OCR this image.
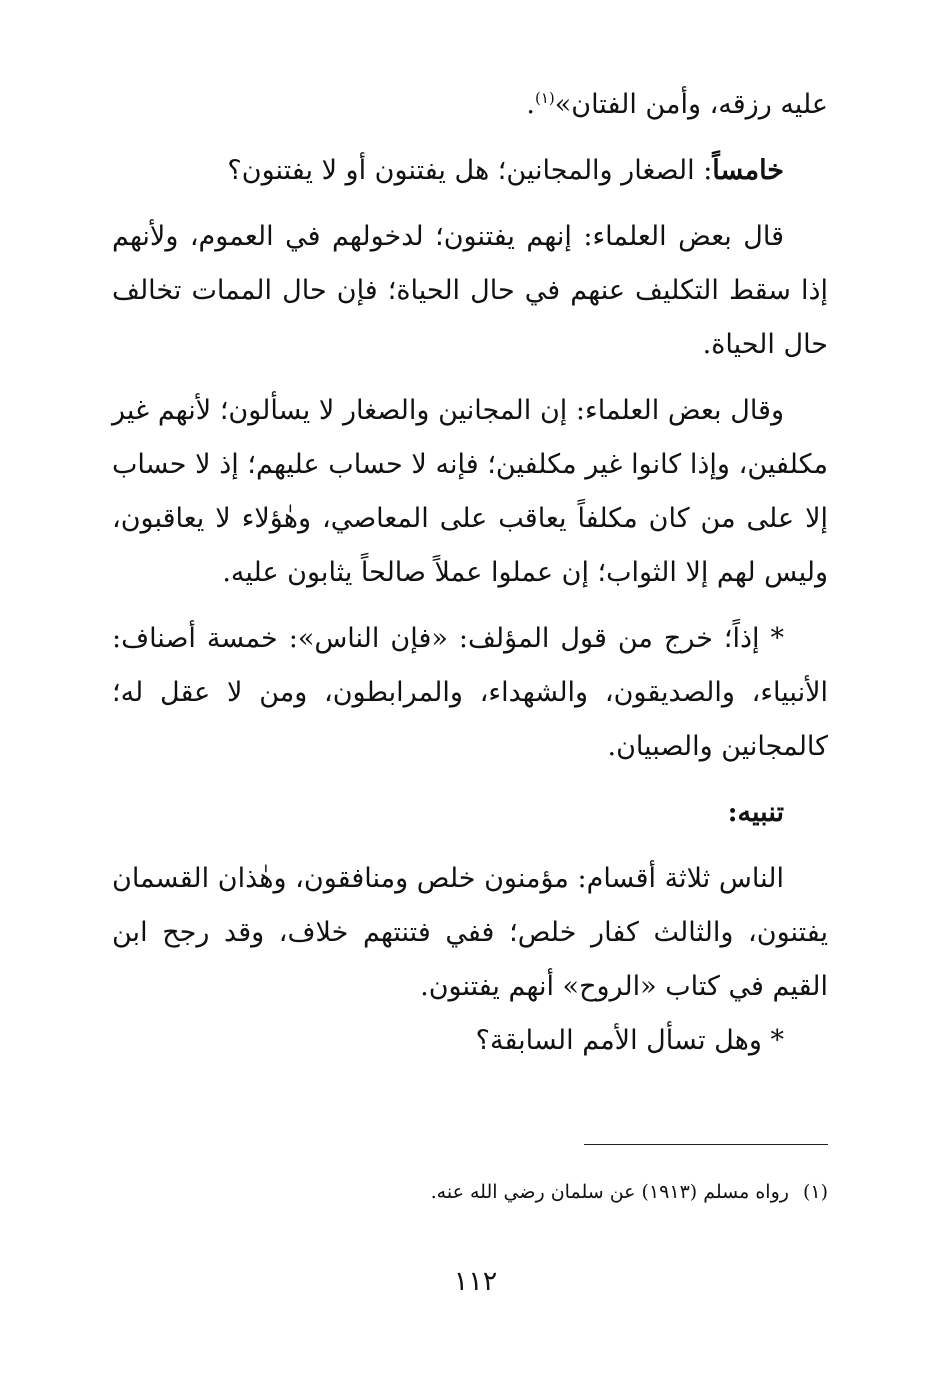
عليه رزقه، وأمن الفتان»$^{(١)}$.

خامساً: الصغار والمجانين؛ هل يفتنون أو لا يفتنون؟

قال بعض العلماء: إنهم يفتنون؛ لدخولهم في العموم، ولأنهم إذا سقط التكليف عنهم في حال الحياة؛ فإن حال الممات تخالف حال الحياة.

وقال بعض العلماء: إن المجانين والصغار لا يسألون؛ لأنهم غير مكلفين، وإذا كانوا غير مكلفين؛ فإنه لا حساب عليهم؛ إذ لا حساب إلا على من كان مكلفاً يعاقب على المعاصي، وهٰؤلاء لا يعاقبون، وليس لهم إلا الثواب؛ إن عملوا عملاً صالحاً يثابون عليه.

* إذاً؛ خرج من قول المؤلف: «فإن الناس»: خمسة أصناف: الأنبياء، والصديقون، والشهداء، والمرابطون، ومن لا عقل له؛ كالمجانين والصبيان.

تنبيه:

الناس ثلاثة أقسام: مؤمنون خلص ومنافقون، وهٰذان القسمان يفتنون، والثالث كفار خلص؛ ففي فتنتهم خلاف، وقد رجح ابن القيم في كتاب «الروح» أنهم يفتنون.

* وهل تسأل الأمم السابقة؟

(١)رواه مسلم (١٩١٣) عن سلمان رضي الله عنه.
١١٢
